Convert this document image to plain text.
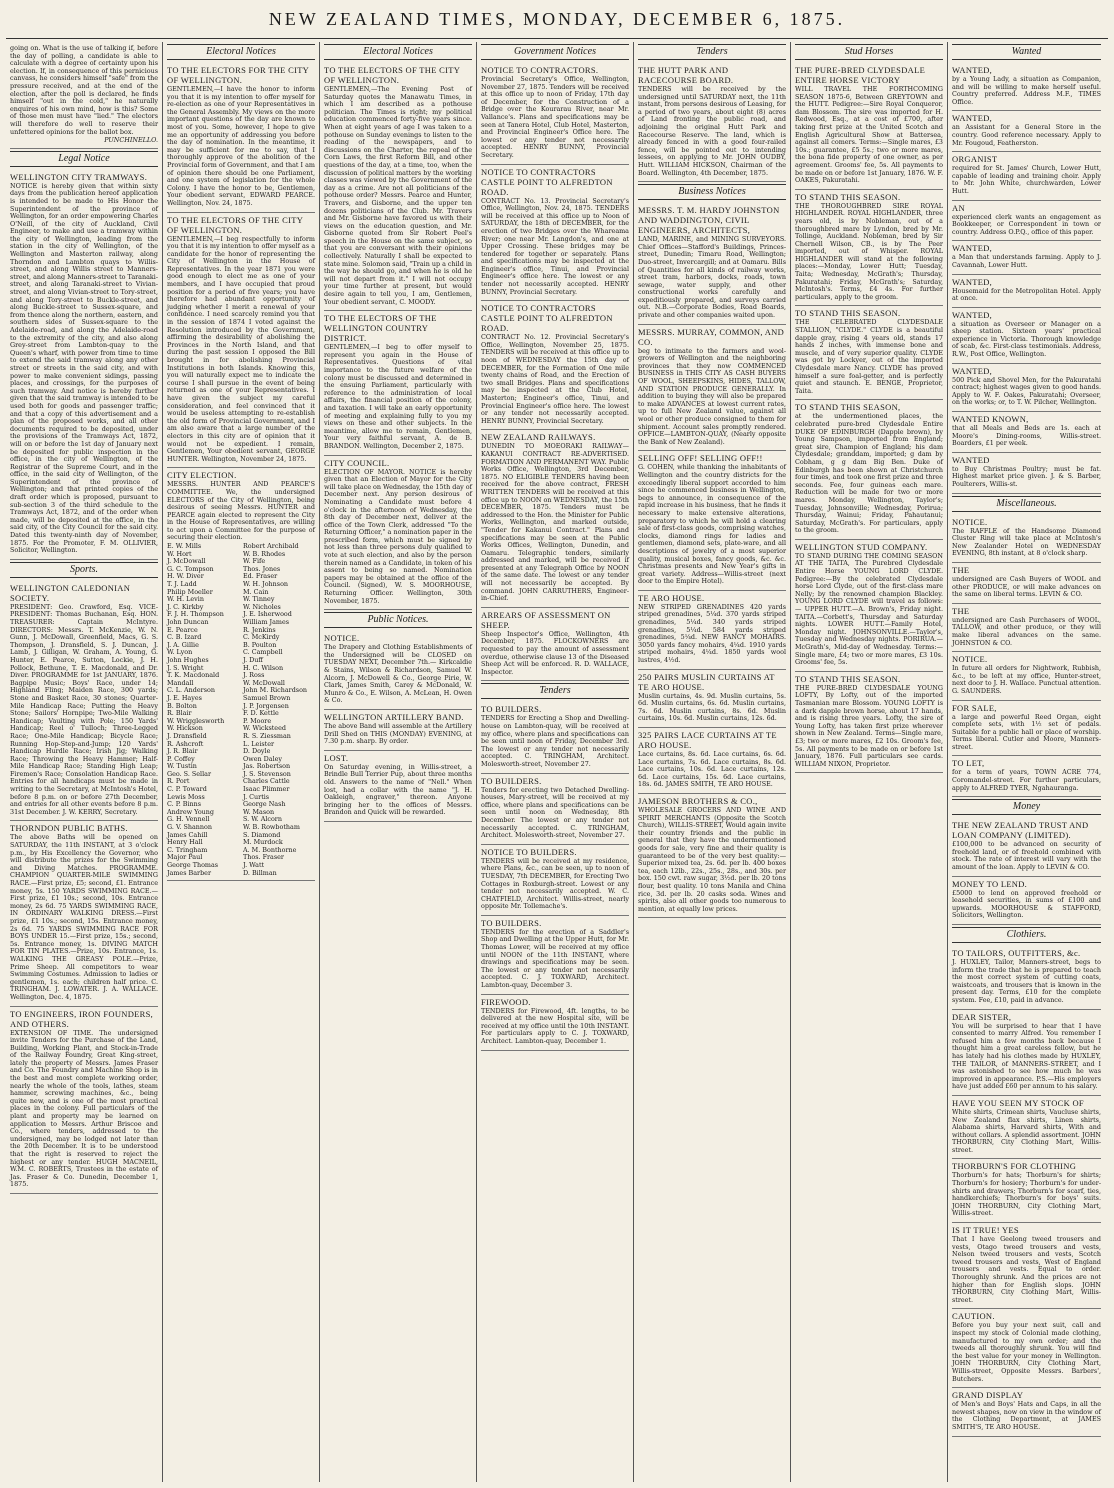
NEW ZEALAND TIMES, MONDAY, DECEMBER 6, 1875.
going on. What is the use of talking if, before the day of polling, a candidate is able to calculate with a degree of certainty upon his election. If, in consequence of this pernicious canvass, he considers himself "safe" from the pressure received, and at the end of the election, after the poll is declared, he finds himself "out in the cold," he naturally enquires of his own mind, how is this? Some of those men must have "lied." The electors will therefore do well to reserve their unfettered opinions for the ballot box.
PUNCHINELLO.
Legal Notice
WELLINGTON CITY TRAMWAYS.
NOTICE is hereby given that within sixty days from the publication hereof application is intended to be made to His Honor the Superintendent of the province of Wellington, for an order empowering Charles O'Neill, of the city of Auckland, Civil Engineer, to make and use a tramway within the city of Wellington, leading from the station in the city of Wellington, of the Wellington and Masterton railway, along Thorndon and Lambton quays to Willis-street, and along Willis street to Manners-street, and along Manners-street to Taranaki-street, and along Taranaki-street to Vivian-street, and along Vivian-street to Tory-street, and along Tory-street to Buckle-street, and along Buckle-street to Sussex-square, and from thence along the northern, eastern, and southern sides of Sussex-square to the Adelaide-road, and along the Adelaide-road to the extremity of the city, and also along Grey-street from Lambton-quay to the Queen's wharf, with power from time to time to extend the said tramway along any other street or streets in the said city, and with power to make convenient sidings, passing places, and crossings, for the purposes of such tramway. And notice is hereby further given that the said tramway is intended to be used both for goods and passenger traffic; and that a copy of this advertisement and a plan of the proposed works, and all other documents required to be deposited, under the provisions of the Tramways Act, 1872, will on or before the 1st day of January next be deposited for public inspection in the office, in the city of Wellington, of the Registrar of the Supreme Court, and in the office, in the said city of Wellington, of the Superintendent of the province of Wellington; and that printed copies of the draft order which is proposed, pursuant to sub-section 3 of the third schedule to the Tramways Act, 1872, and of the order when made, will be deposited at the office, in the said city, of the City Council for the said city. Dated this twenty-ninth day of November, 1875. For the Promoter, F. M. OLLIVIER, Solicitor, Wellington.
Sports.
WELLINGTON CALEDONIAN SOCIETY.
PRESIDENT: Geo. Crawford, Esq. VICE-PRESIDENT: Thomas Buchanan, Esq. HON. TREASURER: Captain McIntyre. DIRECTORS: Messrs. T. McKenzie, W. N. Gunn, J. McDowall, Greenfield, Macs, G. S. Thompson, J. Dransfield, S. J. Duncan, J. Lamb, J. Gilligan, W. Graham, A. Young, G. Hunter, E. Pearce, Sutton, Lockie, J. H. Pollock, Bethune, T. E. Macdonald, and Dr. Diver. PROGRAMME for 1st JANUARY, 1876. Bagpipe Music; Boys' Race, under 14; Highland Fling; Maiden Race, 300 yards; Stone and Basket Race, 30 stones; Quarter-Mile Handicap Race; Putting the Heavy Stone; Sailors' Hornpipe; Two-Mile Walking Handicap; Vaulting with Pole; 150 Yards' Handicap; Reel o' Tulloch; Three-Legged Race; One-Mile Handicap; Bicycle Race; Running Hop-Step-and-Jump; 120 Yards' Handicap Hurdle Race; Irish Jig; Walking Race; Throwing the Heavy Hammer; Half-Mile Handicap Race; Standing High Leap; Firemen's Race; Consolation Handicap Race. Entries for all handicaps must be made in writing to the Secretary, at McIntosh's Hotel, before 8 p.m. on or before 27th December, and entries for all other events before 8 p.m. 31st December. J. W. KERRY, Secretary.
THORNDON PUBLIC BATHS.
The above Baths will be opened on SATURDAY, the 11th INSTANT, at 3 o'clock p.m., by His Excellency the Governor, who will distribute the prizes for the Swimming and Diving Matches. PROGRAMME. CHAMPION QUARTER-MILE SWIMMING RACE.—First prize, £5; second, £1. Entrance money, 5s. 150 YARDS SWIMMING RACE.—First prize, £1 10s.; second, 10s. Entrance money, 2s 6d. 75 YARDS SWIMMING RACE, IN ORDINARY WALKING DRESS.—First prize, £1 10s.; second, 15s. Entrance money, 2s 6d. 75 YARDS SWIMMING RACE FOR BOYS UNDER 15.—First prize, 15s.; second, 5s. Entrance money, 1s. DIVING MATCH FOR TIN PLATES.—Prize, 10s. Entrance, 1s. WALKING THE GREASY POLE.—Prize, Prime Sheep. All competitors to wear Swimming Costumes. Admission to ladies or gentlemen, 1s. each; children half price. C. TRINGHAM. J. LOWATER. J. A. WALLACE. Wellington, Dec. 4, 1875.
TO ENGINEERS, IRON FOUNDERS, AND OTHERS.
EXTENSION OF TIME. The undersigned invite Tenders for the Purchase of the Land, Building, Working Plant, and Stock-in-Trade of the Railway Foundry, Great King-street, lately the property of Messrs. James Fraser and Co. The Foundry and Machine Shop is in the best and most complete working order, nearly the whole of the tools, lathes, steam hammer, screwing machines, &c., being quite new, and is one of the most practical places in the colony. Full particulars of the plant and property may be learned on application to Messrs. Arthur Briscoe and Co., where tenders, addressed to the undersigned, may be lodged not later than the 20th December. It is to be understood that the right is reserved to reject the highest or any tender. HUGH MACNEIL, W.M. C. ROBERTS, Trustees in the estate of Jas. Fraser & Co. Dunedin, December 1, 1875.
Electoral Notices
TO THE ELECTORS FOR THE CITY OF WELLINGTON.
GENTLEMEN,—I have the honor to inform you that it is my intention to offer myself for re-election as one of your Representatives in the General Assembly. My views on the more important questions of the day are known to most of you. Some, however, I hope to give me an opportunity of addressing you before the day of nomination. In the meantime, it may be sufficient for me to say, that I thoroughly approve of the abolition of the Provincial form of Government, and that I am of opinion there should be one Parliament, and one system of legislation for the whole Colony. I have the honor to be, Gentlemen, Your obedient servant, EDWARD PEARCE. Wellington, Nov. 24, 1875.
TO THE ELECTORS OF THE CITY OF WELLINGTON.
GENTLEMEN,—I beg respectfully to inform you that it is my intention to offer myself as a candidate for the honor of representing the City of Wellington in the House of Representatives. In the year 1871 you were good enough to elect me as one of your members, and I have occupied that proud position for a period of five years; you have therefore had abundant opportunity of judging whether I merit a renewal of your confidence. I need scarcely remind you that in the session of 1874 I voted against the Resolution introduced by the Government, affirming the desirability of abolishing the Provinces in the North Island, and that during the past session I opposed the Bill brought in for abolishing Provincial Institutions in both Islands. Knowing this, you will naturally expect me to indicate the course I shall pursue in the event of being returned as one of your Representatives. I have given the subject my careful consideration, and feel convinced that it would be useless attempting to re-establish the old form of Provincial Government, and I am also aware that a large number of the electors in this city are of opinion that it would not be expedient. I remain, Gentlemen, Your obedient servant, GEORGE HUNTER. Wellington, November 24, 1875.
CITY ELECTION.
MESSRS. HUNTER AND PEARCE'S COMMITTEE. We, the undersigned ELECTORS of the City of Wellington, being desirous of seeing Messrs. HUNTER and PEARCE again elected to represent the City in the House of Representatives, are willing to act upon a Committee for the purpose of securing their election.
E. W. Mills
W. Hort
J. McDowall
G. C. Tompson
H. W. Diver
T. J. Ladd
Philip Moeller
W. H. Levin
J. C. Kirkby
F. J. H. Thompson
John Duncan
E. Pearce
C. B. Izard
J. A. Gillie
W. Lyon
John Hughes
J. S. Wright
T. K. Macdonald
Mandall
C. L. Anderson
J. E. Hayes
B. Bolton
R. Blair
W. Wrigglesworth
W. Hickson
J. Dransfield
R. Ashcroft
J. R. Blair
P. Coffey
W. Tustin
Geo. S. Sellar
R. Port
C. P. Toward
Lewis Moss
C. P. Binns
Andrew Young
G. H. Vennell
G. V. Shannon
James Cahill
Henry Hall
C. Tringham
Major Paul
George Thomas
James Barber
Robert Archibald
W. B. Rhodes
W. Fife
Thos. Jones
Ed. Fraser
W. H. Johnson
M. Cain
W. Tinney
W. Nicholes
J. E. Isherwood
William James
R. Jenkins
C. McKirdy
B. Poulton
C. Campbell
J. Duff
H. C. Wilson
J. Ross
W. McDowall
John M. Richardson
Samuel Brown
J. P. Jorgensen
F. D. Kettle
P. Moore
W. Wicksteed
R. S. Ziessman
L. Leister
D. Doyle
Owen Daley
Jas. Robertson
J. S. Stevenson
Charles Cattle
Isaac Plimmer
J. Curtis
George Nash
W. Mason
S. W. Alcorn
W. B. Rowbotham
S. Diamond
M. Murdock
A. M. Bonthorne
Thos. Fraser
J. Watt
D. Billman
Electoral Notices
TO THE ELECTORS OF THE CITY OF WELLINGTON.
GENTLEMEN,—The Evening Post of Saturday quotes the Manawatu Times, in which I am described as a pothouse politician. The Times is right; my political education commenced forty-five years since. When at eight years of age I was taken to a pothouse on Sunday evenings to listen to the reading of the newspapers, and to discussions on the Charter, the repeal of the Corn Laws, the first Reform Bill, and other questions of the day, at a time, too, when the discussion of political matters by the working classes was viewed by the Government of the day as a crime. Are not all politicians of the pothouse order? Messrs. Pearce and Hunter, Travers, and Gisborne, and the upper ten dozens politicians of the Club. Mr. Travers and Mr. Gisborne have favored us with their views on the education question, and Mr. Gisborne quoted from Sir Robert Peel's speech in the House on the same subject, so that you are conversant with their opinions collectively. Naturally I shall be expected to state mine. Solomon said, "Train up a child in the way he should go, and when he is old he will not depart from it." I will not occupy your time further at present, but would desire again to tell you, I am, Gentlemen, Your obedient servant, C. MOODY.
TO THE ELECTORS OF THE WELLINGTON COUNTRY DISTRICT.
GENTLEMEN,—I beg to offer myself to represent you again in the House of Representatives. Questions of vital importance to the future welfare of the colony must be discussed and determined in the ensuing Parliament, particularly with reference to the administration of local affairs, the financial position of the colony, and taxation. I will take an early opportunity of meeting and explaining fully to you my views on these and other subjects. In the meantime, allow me to remain, Gentlemen, Your very faithful servant, A. de B. BRANDON. Wellington, December 2, 1875.
CITY COUNCIL.
ELECTION OF MAYOR. NOTICE is hereby given that an Election of Mayor for the City will take place on Wednesday, the 15th day of December next. Any person desirous of Nominating a Candidate must before 4 o'clock in the afternoon of Wednesday, the 8th day of December next, deliver at the office of the Town Clerk, addressed "To the Returning Officer," a nomination paper in the prescribed form, which must be signed by not less than three persons duly qualified to vote at such election, and also by the person therein named as a Candidate, in token of his assent to being so named. Nomination papers may be obtained at the office of the Council. (Signed), W. S. MOORHOUSE, Returning Officer. Wellington, 30th November, 1875.
Public Notices.
NOTICE.
The Drapery and Clothing Establishments of the Undersigned will be CLOSED on TUESDAY NEXT, December 7th.— Kirkcaldie & Stains, Wilson & Richardson, Samuel W. Alcorn, J. McDowell & Co., George Pirie, W. Clark, James Smith, Carey & McDonald, W. Munro & Co., E. Wilson, A. McLean, H. Owen & Co.
WELLINGTON ARTILLERY BAND.
The above Band will assemble at the Artillery Drill Shed on THIS (MONDAY) EVENING, at 7.30 p.m. sharp. By order.
LOST.
On Saturday evening, in Willis-street, a Brindle Bull Terrier Pup, about three months old. Answers to the name of "Nell." When lost, had a collar with the name "J. H. Oakleigh, engraver," thereon. Anyone bringing her to the offices of Messrs. Brandon and Quick will be rewarded.
Government Notices
NOTICE TO CONTRACTORS.
Provincial Secretary's Office, Wellington, November 27, 1875. Tenders will be received at this office up to noon of Friday, 17th day of December, for the Construction of a Bridge over the Kourarau River, near Mr. Vallance's. Plans and specifications may be seen at Tanera Hotel, Club Hotel, Masterton, and Provincial Engineer's Office here. The lowest or any tender not necessarily accepted. HENRY BUNNY, Provincial Secretary.
NOTICE TO CONTRACTORS CASTLE POINT TO ALFREDTON ROAD.
CONTRACT No. 13. Provincial Secretary's Office, Wellington, Nov. 24, 1875. TENDERS will be received at this office up to Noon of SATURDAY, the 18th of DECEMBER, for the erection of two Bridges over the Whareama River; one near Mr. Langdon's, and one at Upper Crossing. These bridges may be tendered for together or separately. Plans and specifications may be inspected at the Engineer's office, Tinui, and Provincial Engineer's office here. The lowest or any tender not necessarily accepted. HENRY BUNNY, Provincial Secretary.
NOTICE TO CONTRACTORS CASTLE POINT TO ALFREDTON ROAD.
CONTRACT No. 12. Provincial Secretary's Office, Wellington, November 25, 1875. TENDERS will be received at this office up to noon of WEDNESDAY the 15th day of DECEMBER, for the Formation of One mile twenty chains of Road, and the Erection of two small Bridges. Plans and specifications may be inspected at the Club Hotel, Masterton; Engineer's office, Tinui, and Provincial Engineer's office here. The lowest or any tender not necessarily accepted. HENRY BUNNY, Provincial Secretary.
NEW ZEALAND RAILWAYS.
DUNEDIN TO MOEORAKI RAILWAY— KAKANUI CONTRACT RE-ADVERTISED. FORMATION AND PERMANENT WAY. Public Works Office, Wellington, 3rd December, 1875. NO ELIGIBLE TENDERS having been received for the above contract, FRESH WRITTEN TENDERS will be received at this office up to NOON on WEDNESDAY, the 15th DECEMBER, 1875. Tenders must be addressed to the Hon. the Minister for Public Works, Wellington, and marked outside, "Tender for Kakanui Contract." Plans and specifications may be seen at the Public Works Offices, Wellington, Dunedin, and Oamaru. Telegraphic tenders, similarly addressed and marked, will be received if presented at any Telegraph Office by NOON of the same date. The lowest or any tender will not necessarily be accepted. By command. JOHN CARRUTHERS, Engineer-in-Chief.
ARREARS OF ASSESSMENT ON SHEEP.
Sheep Inspector's Office, Wellington, 4th December, 1875. FLOCKOWNERS are requested to pay the amount of assessment overdue, otherwise clause 13 of the Diseased Sheep Act will be enforced. R. D. WALLACE, Inspector.
Tenders
TO BUILDERS.
TENDERS for Erecting a Shop and Dwelling-house on Lambton-quay, will be received at my office, where plans and specifications can be seen until noon of Friday, December 3rd. The lowest or any tender not necessarily accepted. C. TRINGHAM, Architect. Molesworth-street, November 27.
TO BUILDERS.
Tenders for erecting two Detached Dwelling-houses, Mary-street, will be received at my office, where plans and specifications can be seen until noon on Wednesday, 8th December. The lowest or any tender not necessarily accepted. C. TRINGHAM, Architect. Molesworth-street, November 27.
NOTICE TO BUILDERS.
TENDERS will be received at my residence, where Plans, &c., can be seen, up to noon of TUESDAY, 7th DECEMBER, for Erecting Two Cottages in Roxburgh-street. Lowest or any tender not necessarily accepted. W. C. CHATFIELD, Architect. Willis-street, nearly opposite Mr. Tollemache's.
TO BUILDERS.
TENDERS for the erection of a Saddler's Shop and Dwelling at the Upper Hutt, for Mr. Thomas Lower, will be received at my office until NOON of the 11th INSTANT, where drawings and specifications may be seen. The lowest or any tender not necessarily accepted. C. J. TOXWARD, Architect. Lambton-quay, December 3.
FIREWOOD.
TENDERS for Firewood, 4ft. lengths, to be delivered at the new Hospital site, will be received at my office until the 10th INSTANT. For particulars apply to C. J. TOXWARD, Architect. Lambton-quay, December 1.
Tenders
THE HUTT PARK AND RACECOURSE BOARD.
TENDERS will be received by the undersigned until SATURDAY next, the 11th instant, from persons desirous of Leasing, for a period of two years, about eight (8) acres of Land fronting the public road, and adjoining the original Hutt Park and Racecourse Reserve. The land, which is already fenced in with a good four-railed fence, will be pointed out to intending lessees, on applying to Mr. JOHN OUDBY, Hutt. WILLIAM HICKSON, Chairman of the Board. Wellington, 4th December, 1875.
Business Notices
MESSRS. T. M. HARDY JOHNSTON AND WADDINGTON, CIVIL ENGINEERS, ARCHITECTS,
LAND, MARINE, and MINING SURVEYORS. Chief Offices—Stafford's Buildings, Princes-street, Dunedin; Timaru Road, Wellington; Duo-street, Invercargill; and at Oamaru. Bills of Quantities for all kinds of railway works, street tram, harbors, docks, roads, town sewage, water supply, and other constructional works carefully and expeditiously prepared, and surveys carried out. N.B.—Corporate Bodies, Road Boards, private and other companies waited upon.
MESSRS. MURRAY, COMMON, AND CO.
beg to intimate to the farmers and wool-growers of Wellington and the neighboring provinces that they now COMMENCED BUSINESS in THIS CITY AS CASH BUYERS OF WOOL, SHEEPSKINS, HIDES, TALLOW, AND STATION PRODUCE GENERALLY. In addition to buying they will also be prepared to make ADVANCES at lowest current rates, up to full New Zealand value, against all wool or other produce consigned to them for shipment. Account sales promptly rendered. OFFICE—LAMBTON-QUAY, (Nearly opposite the Bank of New Zealand).
SELLING OFF! SELLING OFF!!
G. COHEN, while thanking the inhabitants of Wellington and the country districts for the exceedingly liberal support accorded to him since he commenced business in Wellington, begs to announce, in consequence of the rapid increase in his business, that he finds it necessary to make extensive alterations, preparatory to which he will hold a clearing sale of first-class goods, comprising watches, clocks, diamond rings for ladies and gentlemen, diamond sets, plate-ware, and all descriptions of jewelry of a most superior quality, musical boxes, fancy goods, &c. &c. Christmas presents and New Year's gifts in great variety. Address—Willis-street (next door to the Empire Hotel).
TE ARO HOUSE.
NEW STRIPED GRENADINES 420 yards striped grenadines, 5¼d. 370 yards striped grenadines, 5¼d. 340 yards striped grenadines, 5¼d. 584 yards striped grenadines, 5¼d. NEW FANCY MOHAIRS. 3050 yards fancy mohairs, 4¼d. 1910 yards striped mohairs, 4¼d. 1850 yards wool lustres, 4½d.
250 PAIRS MUSLIN CURTAINS AT TE ARO HOUSE.
Muslin curtains, 4s. 9d. Muslin curtains, 5s. 6d. Muslin curtains, 6s. 6d. Muslin curtains, 7s. 6d. Muslin curtains, 8s. 6d. Muslin curtains, 10s. 6d. Muslin curtains, 12s. 6d.
325 PAIRS LACE CURTAINS AT TE ARO HOUSE.
Lace curtains, 8s. 6d. Lace curtains, 6s. 6d. Lace curtains, 7s. 6d. Lace curtains, 8s. 6d. Lace curtains, 10s. 6d. Lace curtains, 12s. 6d. Lace curtains, 15s. 6d. Lace curtains, 18s. 6d. JAMES SMITH, TE ARO HOUSE.
JAMESON BROTHERS & CO.,
WHOLESALE GROCERS AND WINE AND SPIRIT MERCHANTS (Opposite the Scotch Church), WILLIS-STREET, Would again invite their country friends and the public in general that they have the undermentioned goods for sale, very fine and their quality is guaranteed to be of the very best quality:— Superior mixed tea, 2s. 6d. per lb. 400 boxes tea, each 12lb., 22s., 25s., 28s., and 30s. per box. 150 cwt. raw sugar, 3½d. per lb. 20 tons flour, best quality. 10 tons Manila and China rice, 3d. per lb. 20 casks soda. Wines and spirits, also all other goods too numerous to mention, at equally low prices.
Stud Horses
THE PURE-BRED CLYDESDALE ENTIRE HORSE VICTORY
WILL TRAVEL THE FORTHCOMING SEASON 1875-6, Between GREYTOWN and the HUTT. Pedigree:—Sire Royal Conqueror, dam Blossom. The sire was imported for H. Redwood, Esq., at a cost of £700, after taking first prize at the United Scotch and English Agricultural Show at Battersea, against all comers. Terms:—Single mares, £3 10s.; guarantee, £5 5s.; two or more mares, the bona fide property of one owner, as per agreement. Grooms' fee, 5s. All payments to be made on or before 1st January, 1876. W. F. OAKES, Pakuratahi.
TO STAND THIS SEASON.
THE THOROUGHBRED SIRE ROYAL HIGHLANDER. ROYAL HIGHLANDER, three years old, is by Nobleman, out of a thoroughbred mare by Lyndon, bred by Mr. Tollinge, Auckland. Nobleman, bred by Sir Chernell Wilson, CB., is by The Peer imported, out of Whisper. ROYAL HIGHLANDER will stand at the following places:—Monday, Lower Hutt; Tuesday, Taita; Wednesday, McGrath's; Thursday, Pakuratahi; Friday, McGrath's; Saturday, McIntosh's. Terms, £4 4s. For further particulars, apply to the groom.
TO STAND THIS SEASON.
THE CELEBRATED CLYDESDALE STALLION, "CLYDE." CLYDE is a beautiful dapple gray, rising 4 years old, stands 17 hands 2 inches, with immense bone and muscle, and of very superior quality. CLYDE was got by Lockyer, out of the imported Clydesdale mare Nancy. CLYDE has proved himself a sure foal-getter, and is perfectly quiet and staunch. E. BENGE, Proprietor, Taita.
TO STAND THIS SEASON,
at the undermentioned places, the celebrated pure-bred Clydesdale Entire DUKE OF EDINBURGH (Dapple brown), by Young Sampson, imported from England; great sire, Champion of England; his dam Clydesdale; granddam, imported; g dam by Cobham, g g dam Big Ben. Duke of Edinburgh has been shown at Christchurch four times, and took one first prize and three seconds. Fee, four guineas each mare. Reduction will be made for two or more mares. Monday, Wellington, Taylor's; Tuesday, Johnsonville; Wednesday, Porirua; Thursday, Wainui; Friday, Pahautanui; Saturday, McGrath's. For particulars, apply to the groom.
WELLINGTON STUD COMPANY.
TO STAND DURING THE COMING SEASON AT THE TAITA, The Purebred Clydesdale Entire Horse YOUNG LORD CLYDE. Pedigree:—By the celebrated Clydesdale horse Lord Clyde, out of the first-class mare Nelly; by the renowned champion Blackley. YOUNG LORD CLYDE will travel as follows:— UPPER HUTT.—A. Brown's, Friday night. TAITA.—Corbett's, Thursday and Saturday nights. LOWER HUTT.—Family Hotel, Monday night. JOHNSONVILLE.—Taylor's, Tuesday and Wednesday nights. PORIRUA.—McGrath's, Mid-day of Wednesday. Terms:—Single mare, £4; two or more mares, £3 10s. Grooms' fee, 5s.
TO STAND THIS SEASON.
THE PURE-BRED CLYDESDALE YOUNG LOFTY, By Lofty, out of the imported Tasmanian mare Blossom. YOUNG LOFTY is a dark dapple brown horse, about 17 hands, and is rising three years. Lofty, the sire of Young Lofty, has taken first prize wherever shown in New Zealand. Terms—Single mare, £3; two or more mares, £2 10s. Groom's fee, 5s. All payments to be made on or before 1st January, 1876. Full particulars see cards. WILLIAM NIXON, Proprietor.
Wanted
WANTED,
by a Young Lady, a situation as Companion, and will be willing to make herself useful. Country preferred. Address M.F., TIMES Office.
WANTED,
an Assistant for a General Store in the country. Good reference necessary. Apply to Mr. Fougoud, Featherston.
ORGANIST
required for St. James' Church, Lower Hutt, capable of leading and training choir. Apply to Mr. John White, churchwarden, Lower Hutt.
AN
experienced clerk wants an engagement as Bookkeeper, or Correspondent in town or country. Address O.P.Q., office of this paper.
WANTED,
a Man that understands farming. Apply to J. Cavannah, Lower Hutt.
WANTED,
Housemaid for the Metropolitan Hotel. Apply at once.
WANTED,
a situation as Overseer or Manager on a sheep station. Sixteen years' practical experience in Victoria. Thorough knowledge of scab, &c. First-class testimonials. Address, R.W., Post Office, Wellington.
WANTED,
500 Pick and Shovel Men, for the Pakuratahi contract; highest wages given to good hands. Apply to W. F. Oakes, Pakuratahi; Overseer, on the works; or, to T. W. Pilcher, Wellington.
WANTED KNOWN,
that all Meals and Beds are 1s. each at Moore's Dining-rooms, Willis-street. Boarders, £1 per week.
WANTED
to Buy Christmas Poultry; must be fat. Highest market price given. J. & S. Barber, Poulterers, Willis-st.
Miscellaneous.
NOTICE.
The RAFFLE of the Handsome Diamond Cluster Ring will take place at McIntosh's New Zealander Hotel on WEDNESDAY EVENING, 8th instant, at 8 o'clock sharp.
THE
undersigned are Cash Buyers of WOOL and other PRODUCE, or will make advances on the same on liberal terms. LEVIN & CO.
THE
undersigned are Cash Purchasers of WOOL, TALLOW, and other produce, or they will make liberal advances on the same. JOHNSTON & CO.
NOTICE.
In future all orders for Nightwork, Rubbish, &c., to be left at my office, Hunter-street, next door to J. H. Wallace. Punctual attention. G. SAUNDERS.
FOR SALE,
a large and powerful Reed Organ, eight complete sets, with 1½ set of pedals. Suitable for a public hall or place of worship. Terms liberal. Cutler and Moore, Manners-street.
TO LET,
for a term of years, TOWN ACRE 774, Coromandel-street. For further particulars, apply to ALFRED TYER, Ngahauranga.
Money
THE NEW ZEALAND TRUST AND LOAN COMPANY (LIMITED).
£100,000 to be advanced on security of freehold land, or of freehold combined with stock. The rate of interest will vary with the amount of the loan. Apply to LEVIN & CO.
MONEY TO LEND.
£5000 to lend on approved freehold or leasehold securities, in sums of £100 and upwards. MOORHOUSE & STAFFORD, Solicitors, Wellington.
Clothiers.
TO TAILORS, OUTFITTERS, &c.
J. HUXLEY, Tailor, Manners-street, begs to inform the trade that he is prepared to teach the most correct system of cutting coats, waistcoats, and trousers that is known in the present day. Terms, £10 for the complete system. Fee, £10, paid in advance.
DEAR SISTER,
You will be surprised to hear that I have consented to marry Alfred. You remember I refused him a few months back because I thought him a great careless fellow, but he has lately had his clothes made by HUXLEY, THE TAILOR, of MANNERS-STREET, and I was astonished to see how much he was improved in appearance. P.S.—His employers have just added £60 per annum to his salary.
HAVE YOU SEEN MY STOCK OF
White shirts, Crimean shirts, Vaucluse shirts, New Zealand flax shirts, Linen shirts, Alabama shirts, Harvard shirts, With and without collars. A splendid assortment. JOHN THORBURN, City Clothing Mart, Willis-street.
THORBURN'S FOR CLOTHING
Thorburn's for hats; Thorburn's for shirts; Thorburn's for hosiery; Thorburn's for under-shirts and drawers; Thorburn's for scarf, ties, handkerchiefs; Thorburn's for boys' suits. JOHN THORBURN, City Clothing Mart, Willis-street.
IS IT TRUE! YES
That I have Geelong tweed trousers and vests, Otago tweed trousers and vests, Nelson tweed trousers and vests, Scotch tweed trousers and vests, West of England trousers and vests. Equal to order. Thoroughly shrunk. And the prices are not higher than for English slops. JOHN THORBURN, City Clothing Mart, Willis-street.
CAUTION.
Before you buy your next suit, call and inspect my stock of Colonial made clothing, manufactured to my own order; and the tweeds all thoroughly shrunk. You will find the best value for your money in Wellington. JOHN THORBURN, City Clothing Mart, Willis-street, Opposite Messrs. Barbers', Butchers.
GRAND DISPLAY
of Men's and Boys' Hats and Caps, in all the newest shapes, now on view in the window of the Clothing Department, at JAMES SMITH'S, TE ARO HOUSE.
